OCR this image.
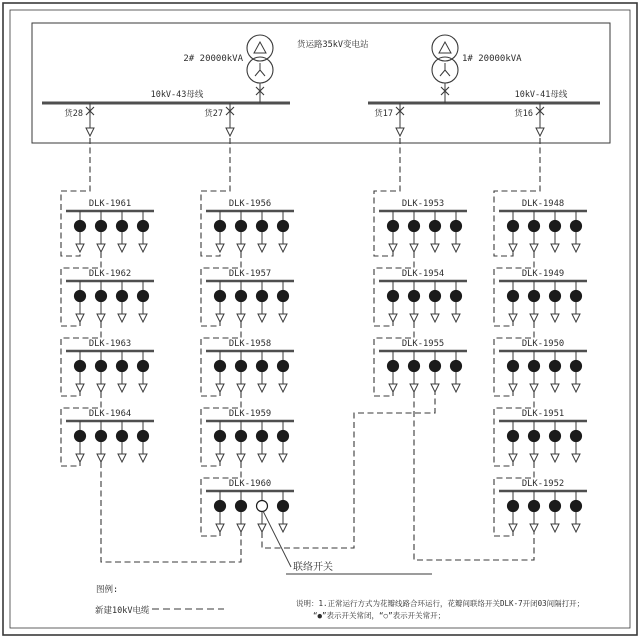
货运路35kV变电站
10kV-43母线	10kV-41母线
2# 20000kVA	1# 20000kVA
货28	货27	货17	货16
DLK-1961
DLK-1962
DLK-1963
DLK-1964
DLK-1956
DLK-1957
DLK-1958
DLK-1959
DLK-1960
DLK-1953
DLK-1954
DLK-1955
DLK-1948
DLK-1949
DLK-1950
DLK-1951
DLK-1952
联络开关
图例:
新建10kV电缆
说明：1.正常运行方式为花瓣线路合环运行，花瓣间联络开关DLK-7开闭03间隔打开；
“●”表示开关常闭，“○”表示开关常开；
